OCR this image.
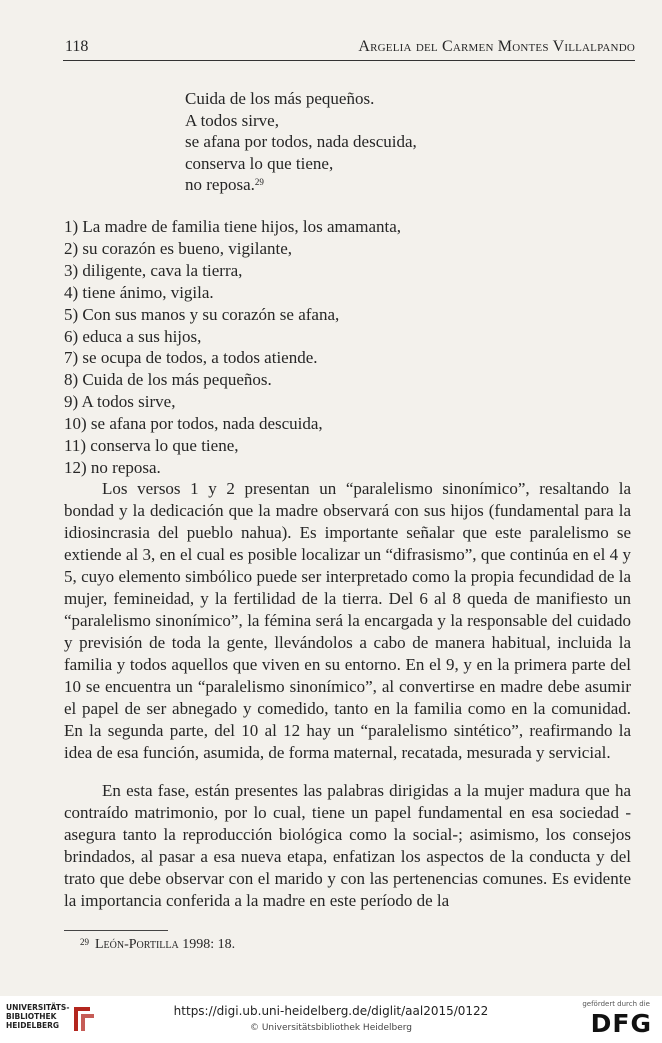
118	Argelia del Carmen Montes Villalpando
Cuida de los más pequeños.
A todos sirve,
se afana por todos, nada descuida,
conserva lo que tiene,
no reposa.$^{29}$
1) La madre de familia tiene hijos, los amamanta,
2) su corazón es bueno, vigilante,
3) diligente, cava la tierra,
4) tiene ánimo, vigila.
5) Con sus manos y su corazón se afana,
6) educa a sus hijos,
7) se ocupa de todos, a todos atiende.
8) Cuida de los más pequeños.
9) A todos sirve,
10) se afana por todos, nada descuida,
11) conserva lo que tiene,
12) no reposa.

Los versos 1 y 2 presentan un “paralelismo sinonímico”, resaltando la bondad y la dedicación que la madre observará con sus hijos (fundamental para la idiosincrasia del pueblo nahua). Es importante señalar que este paralelismo se extiende al 3, en el cual es posible localizar un “difrasismo”, que continúa en el 4 y 5, cuyo elemento simbólico puede ser interpretado como la propia fecundidad de la mujer, femineidad, y la fertilidad de la tierra. Del 6 al 8 queda de manifiesto un “paralelismo sinonímico”, la fémina será la encargada y la responsable del cuidado y previsión de toda la gente, llevándolos a cabo de manera habitual, incluida la familia y todos aquellos que viven en su entorno. En el 9, y en la primera parte del 10 se encuentra un “paralelismo sinonímico”, al convertirse en madre debe asumir el papel de ser abnegado y comedido, tanto en la familia como en la comunidad. En la segunda parte, del 10 al 12 hay un “paralelismo sintético”, reafirmando la idea de esa función, asumida, de forma maternal, recatada, mesurada y servicial.

En esta fase, están presentes las palabras dirigidas a la mujer madura que ha contraído matrimonio, por lo cual, tiene un papel fundamental en esa sociedad -asegura tanto la reproducción biológica como la social-; asimismo, los consejos brindados, al pasar a esa nueva etapa, enfatizan los aspectos de la conducta y del trato que debe observar con el marido y con las pertenencias comunes. Es evidente la importancia conferida a la madre en este período de la

$^{29}$ León-Portilla 1998: 18.
UNIVERSITÄTS-
BIBLIOTHEK
HEIDELBERG
https://digi.ub.uni-heidelberg.de/diglit/aal2015/0122
© Universitätsbibliothek Heidelberg
gefördert durch die
DFG
